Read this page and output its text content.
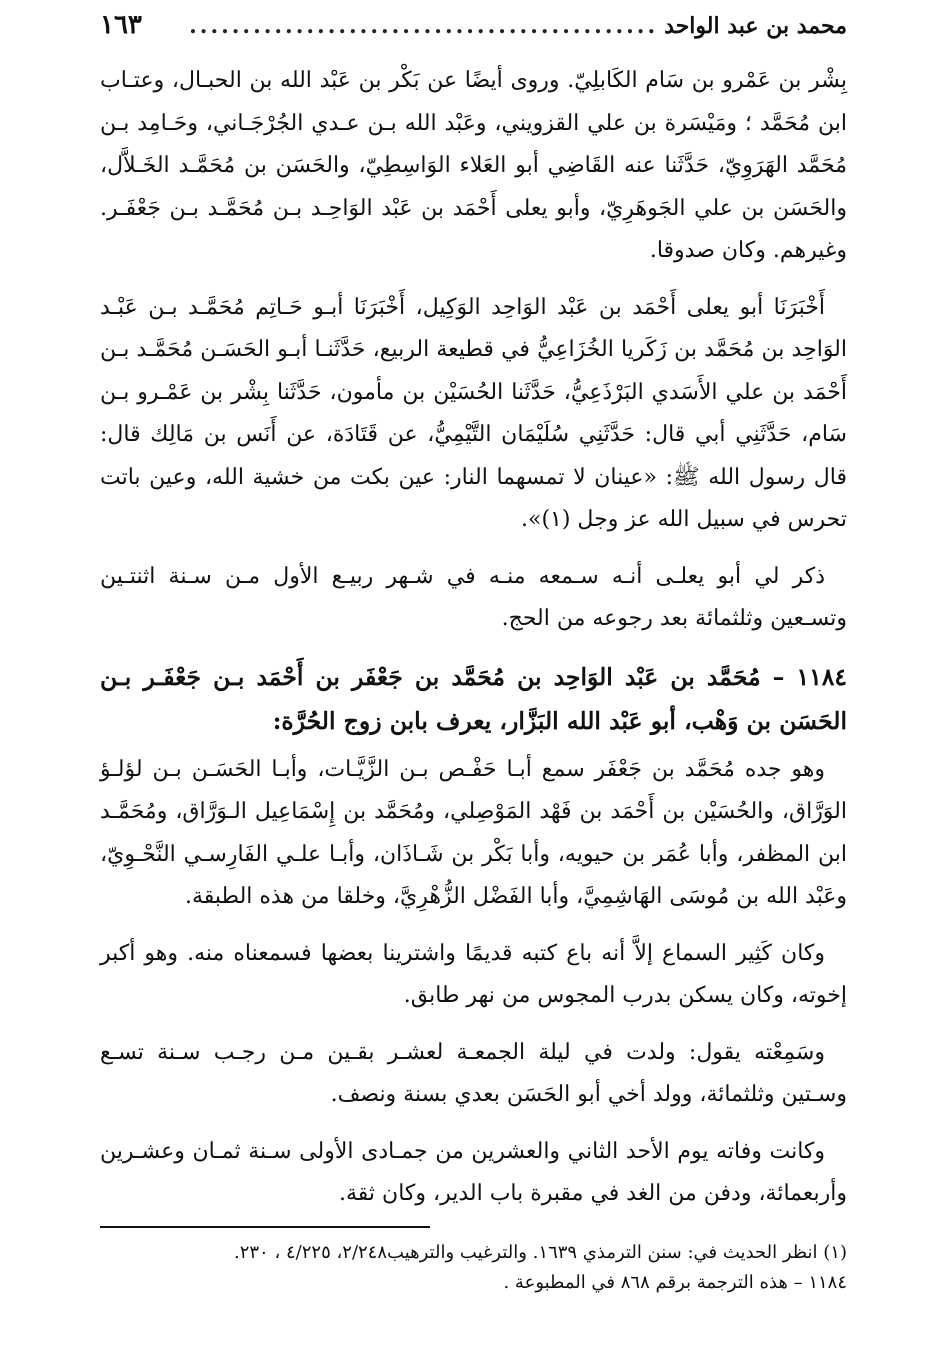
محمد بن عبد الواحد
............................................
١٦٣

بِشْر بن عَمْرو بن سَام الكَابلِيّ. وروى أيضًا عن بَكْر بن عَبْد الله بن الحبـال، وعتـاب ابن مُحَمَّد ؛ ومَيْسَرة بن علي القزويني، وعَبْد الله بـن عـدي الجُرْجَـاني، وحَـامِد بـن مُحَمَّد الهَرَوِيّ، حَدَّثَنا عنه القَاضِي أبو العَلاء الوَاسِطِيّ، والحَسَن بن مُحَمَّـد الخَـلاَّل، والحَسَن بن علي الجَوهَرِيّ، وأبو يعلى أَحْمَد بن عَبْد الوَاحِـد بـن مُحَمَّـد بـن جَعْفَـر. وغيرهم. وكان صدوقا.

أَخْبَرَنَا أبو يعلى أَحْمَد بن عَبْد الوَاحِد الوَكِيل، أَخْبَرَنَا أبـو حَـاتِم مُحَمَّـد بـن عَبْـد الوَاحِد بن مُحَمَّد بن زَكَريا الخُزَاعِيُّ في قطيعة الربيع، حَدَّثَنـا أبـو الحَسَـن مُحَمَّـد بـن أَحْمَد بن علي الأَسَدي البَرْذَعِيُّ، حَدَّثَنا الحُسَيْن بن مأمون، حَدَّثَنا بِشْر بن عَمْـرو بـن سَام، حَدَّثَنِي أبي قال: حَدَّثَنِي سُلَيْمَان التَّيْمِيُّ، عن قَتَادَة، عن أَنَس بن مَالِك قال: قال رسول الله ﷺ: «عينان لا تمسهما النار: عين بكت من خشية الله، وعين باتت تحرس في سبيل الله عز وجل (١)».

ذكر لي أبو يعلـى أنـه سـمعه منـه في شـهر ربيـع الأول مـن سـنة اثنتـين وتسـعين وثلثمائة بعد رجوعه من الحج.

١١٨٤ – مُحَمَّد بن عَبْد الوَاحِد بن مُحَمَّد بن جَعْفَر بن أَحْمَد بـن جَعْفَـر بـن الحَسَن بن وَهْب، أبو عَبْد الله البَزَّار، يعرف بابن زوج الحُرَّة:

وهو جده مُحَمَّد بن جَعْفَر سمع أبـا حَفْـص بـن الزَّيَّـات، وأبـا الحَسَـن بـن لؤلـؤ الوَرَّاق، والحُسَيْن بن أَحْمَد بن فَهْد المَوْصِلي، ومُحَمَّد بن إِسْمَاعِيل الـوَرَّاق، ومُحَمَّـد ابن المظفر، وأبا عُمَر بن حيويه، وأبا بَكْر بن شَـاذَان، وأبـا علـي الفَارِسـي النَّحْـوِيّ، وعَبْد الله بن مُوسَى الهَاشِمِيَّ، وأبا الفَضْل الزُّهْرِيَّ، وخلقا من هذه الطبقة.

وكان كَثِير السماع إلاَّ أنه باع كتبه قديمًا واشترينا بعضها فسمعناه منه. وهو أكبر إخوته، وكان يسكن بدرب المجوس من نهر طابق.

وسَمِعْته يقول: ولدت في ليلة الجمعـة لعشـر بقـين مـن رجـب سـنة تسـع وسـتين وثلثمائة، وولد أخي أبو الحَسَن بعدي بسنة ونصف.

وكانت وفاته يوم الأحد الثاني والعشرين من جمـادى الأولى سـنة ثمـان وعشـرين وأربعمائة، ودفن من الغد في مقبرة باب الدير، وكان ثقة.

(١) انظر الحديث في: سنن الترمذي ١٦٣٩. والترغيب والترهيب٢/٢٤٨، ٤/٢٢٥ ، ٢٣٠.

١١٨٤ – هذه الترجمة برقم ٨٦٨ في المطبوعة .
